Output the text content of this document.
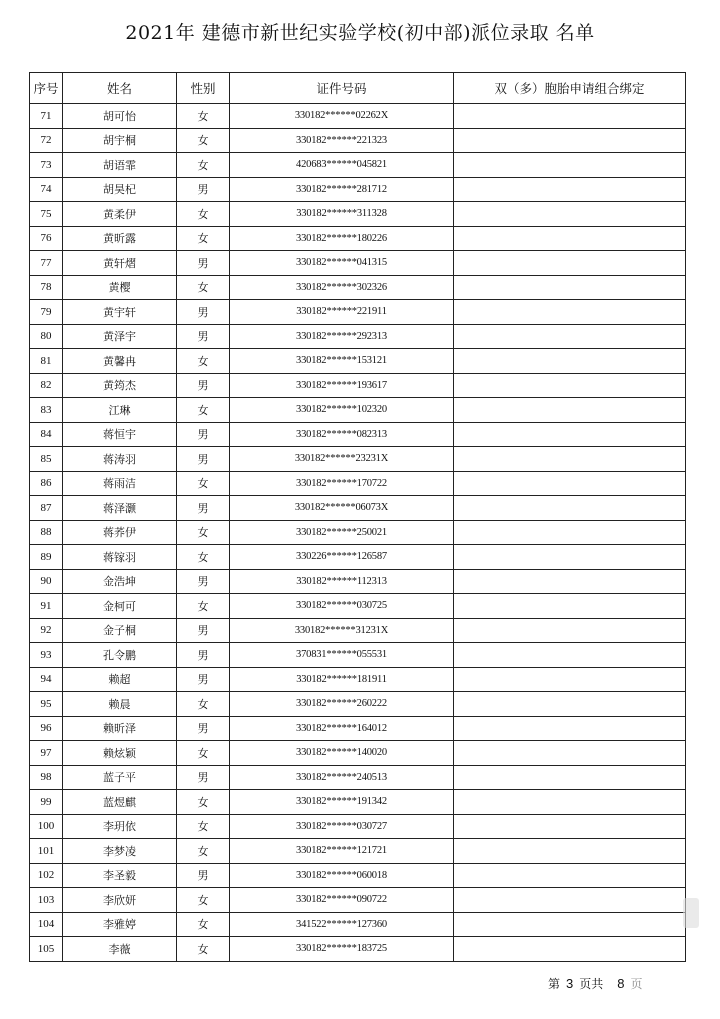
2021年 建德市新世纪实验学校(初中部)派位录取 名单
序号	姓名	性别	证件号码	双（多）胞胎申请组合绑定
71	胡可怡	女	330182******02262X	
72	胡宇桐	女	330182******221323	
73	胡语霏	女	420683******045821	
74	胡昊杞	男	330182******281712	
75	黄柔伊	女	330182******311328	
76	黄昕露	女	330182******180226	
77	黄轩熠	男	330182******041315	
78	黄樱	女	330182******302326	
79	黄宇轩	男	330182******221911	
80	黄泽宇	男	330182******292313	
81	黄馨冉	女	330182******153121	
82	黄筠杰	男	330182******193617	
83	江琳	女	330182******102320	
84	蒋恒宇	男	330182******082313	
85	蒋涛羽	男	330182******23231X	
86	蒋雨洁	女	330182******170722	
87	蒋泽灏	男	330182******06073X	
88	蒋荞伊	女	330182******250021	
89	蒋镓羽	女	330226******126587	
90	金浩坤	男	330182******112313	
91	金柯可	女	330182******030725	
92	金子桐	男	330182******31231X	
93	孔令鹏	男	370831******055531	
94	赖超	男	330182******181911	
95	赖晨	女	330182******260222	
96	赖昕泽	男	330182******164012	
97	赖炫颖	女	330182******140020	
98	蓝子平	男	330182******240513	
99	蓝煜麒	女	330182******191342	
100	李玥依	女	330182******030727	
101	李梦凌	女	330182******121721	
102	李圣毅	男	330182******060018	
103	李欣妍	女	330182******090722	
104	李雅婷	女	341522******127360	
105	李薇	女	330182******183725	
第 3 页共 8 页
